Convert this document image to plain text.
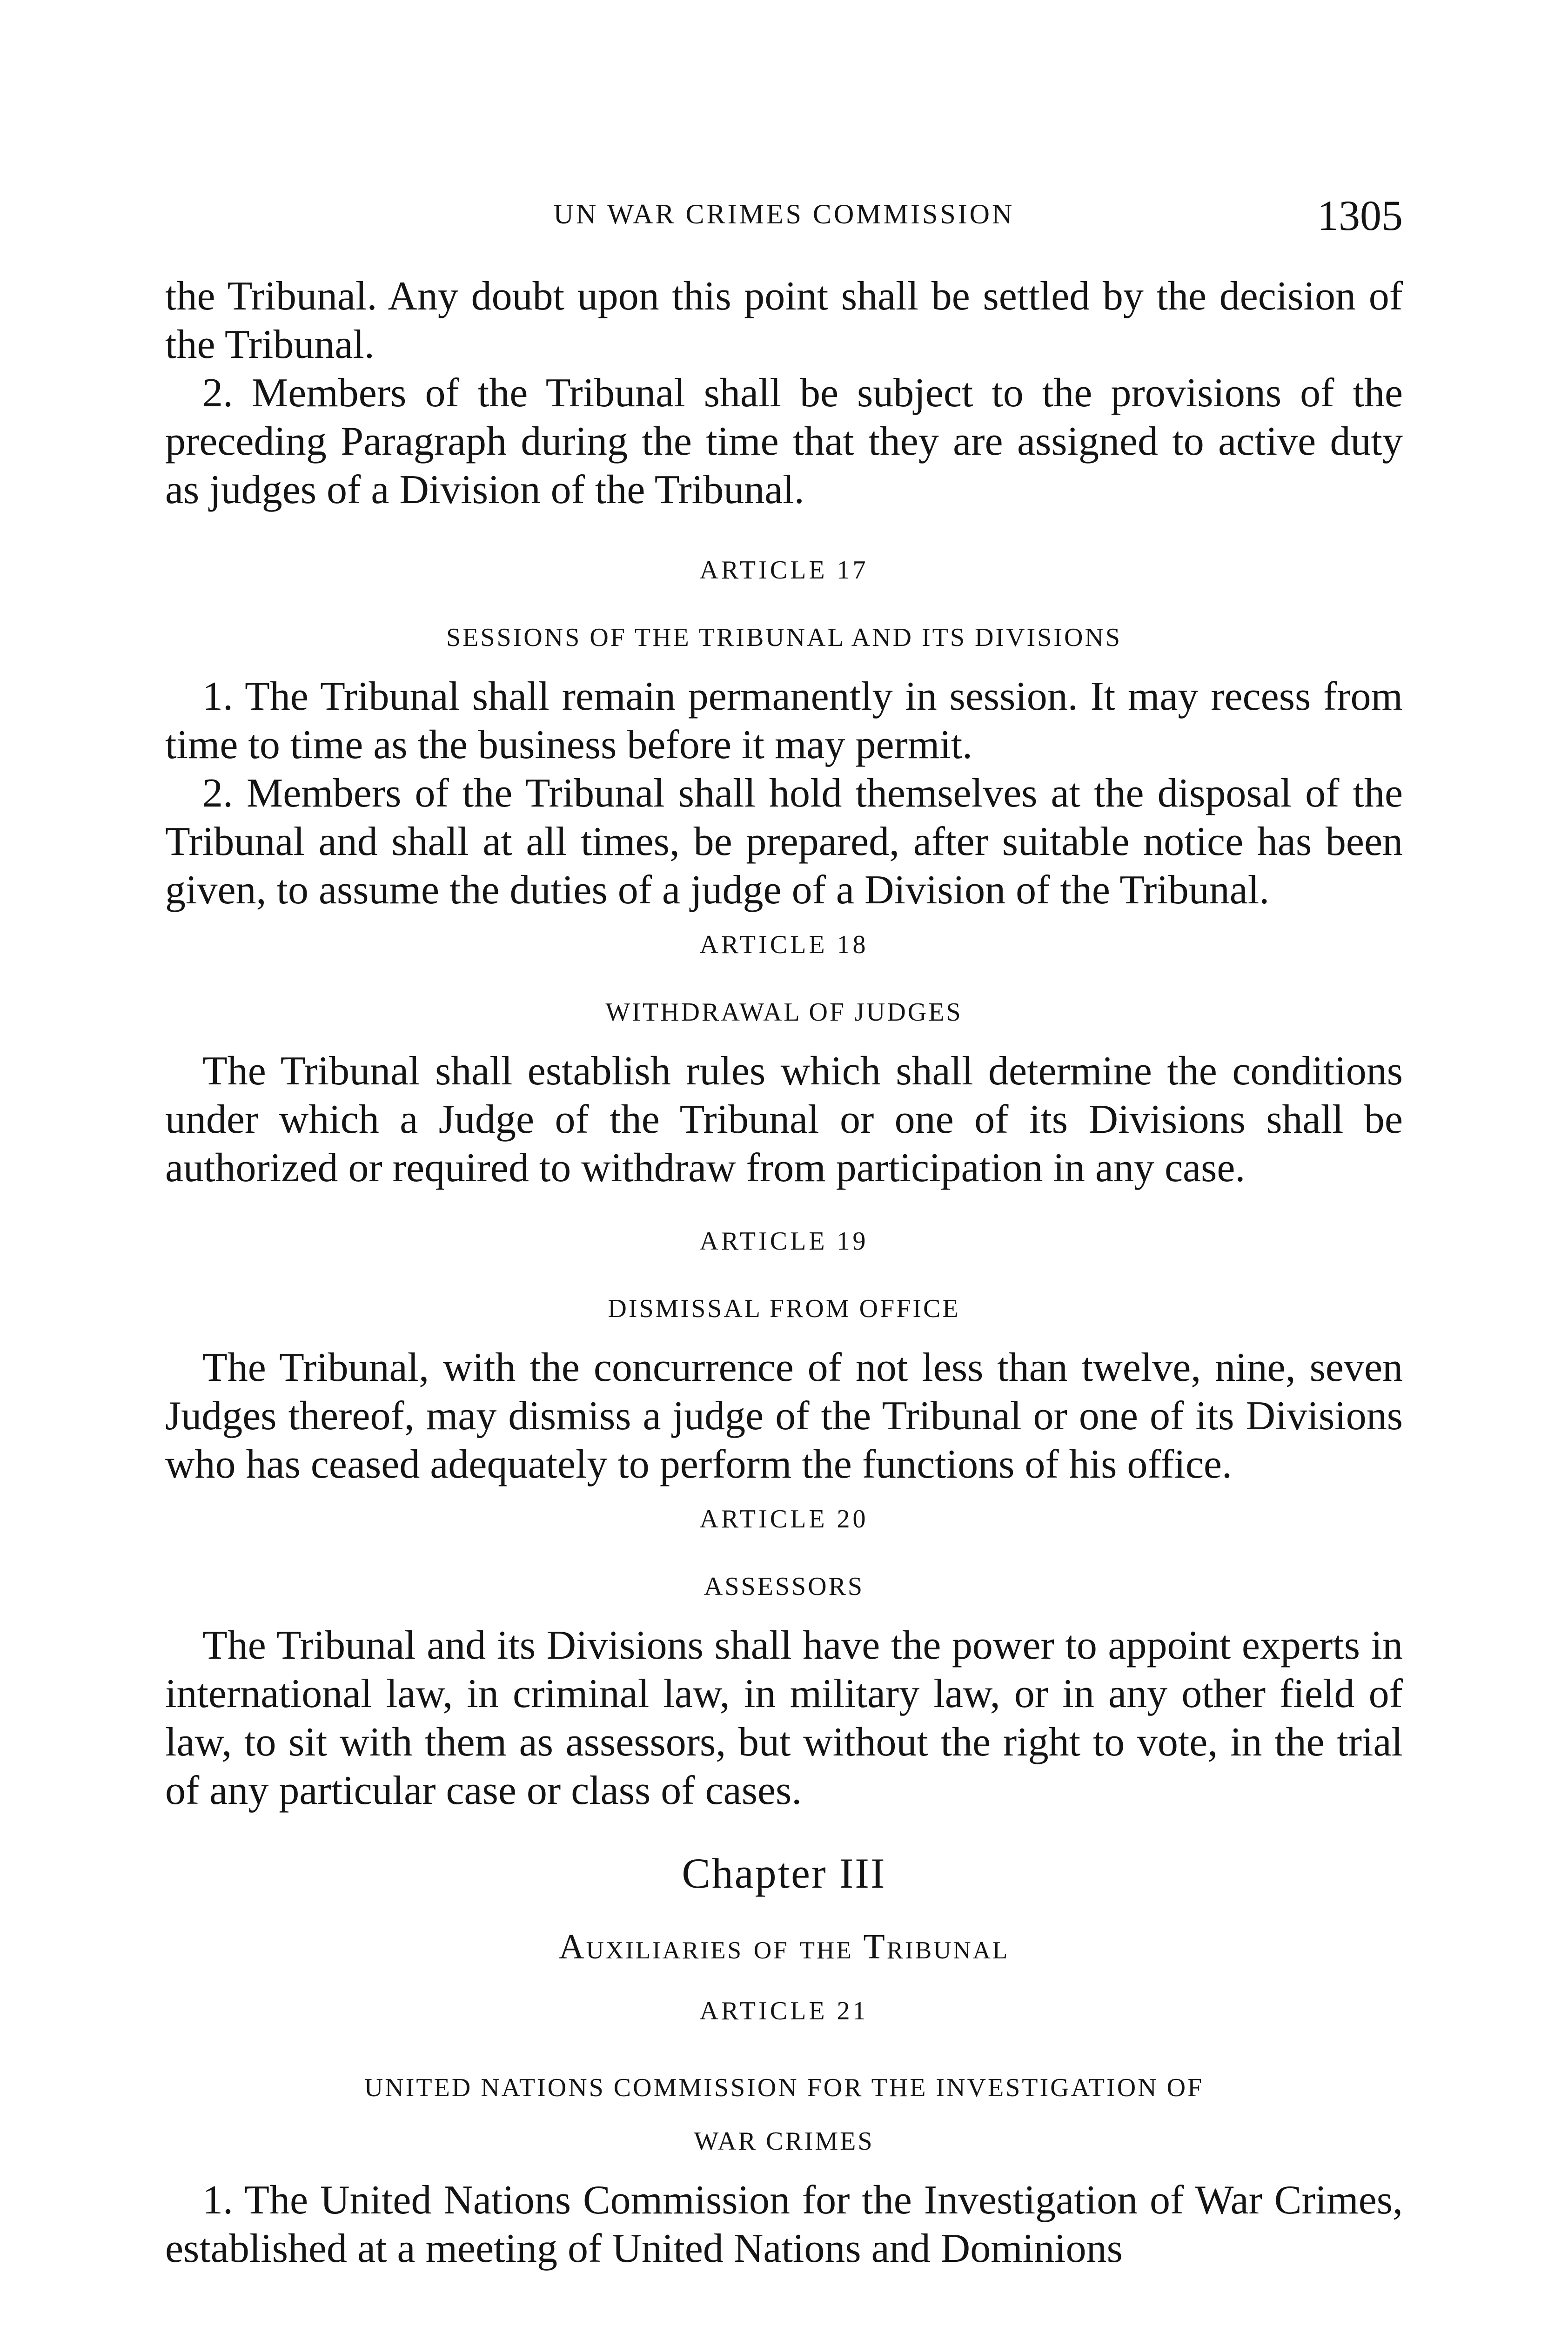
UN WAR CRIMES COMMISSION	1305

the Tribunal. Any doubt upon this point shall be settled by the decision of the Tribunal.

2. Members of the Tribunal shall be subject to the provisions of the preceding Paragraph during the time that they are assigned to active duty as judges of a Division of the Tribunal.

ARTICLE 17

SESSIONS OF THE TRIBUNAL AND ITS DIVISIONS

1. The Tribunal shall remain permanently in session. It may recess from time to time as the business before it may permit.

2. Members of the Tribunal shall hold themselves at the disposal of the Tribunal and shall at all times, be prepared, after suitable notice has been given, to assume the duties of a judge of a Division of the Tribunal.

ARTICLE 18

WITHDRAWAL OF JUDGES

The Tribunal shall establish rules which shall determine the conditions under which a Judge of the Tribunal or one of its Divisions shall be authorized or required to withdraw from participation in any case.

ARTICLE 19

DISMISSAL FROM OFFICE

The Tribunal, with the concurrence of not less than twelve, nine, seven Judges thereof, may dismiss a judge of the Tribunal or one of its Divisions who has ceased adequately to perform the functions of his office.

ARTICLE 20

ASSESSORS

The Tribunal and its Divisions shall have the power to appoint experts in international law, in criminal law, in military law, or in any other field of law, to sit with them as assessors, but without the right to vote, in the trial of any particular case or class of cases.

Chapter III

Auxiliaries of the Tribunal

ARTICLE 21

UNITED NATIONS COMMISSION FOR THE INVESTIGATION OF

WAR CRIMES

1. The United Nations Commission for the Investigation of War Crimes, established at a meeting of United Nations and Dominions
